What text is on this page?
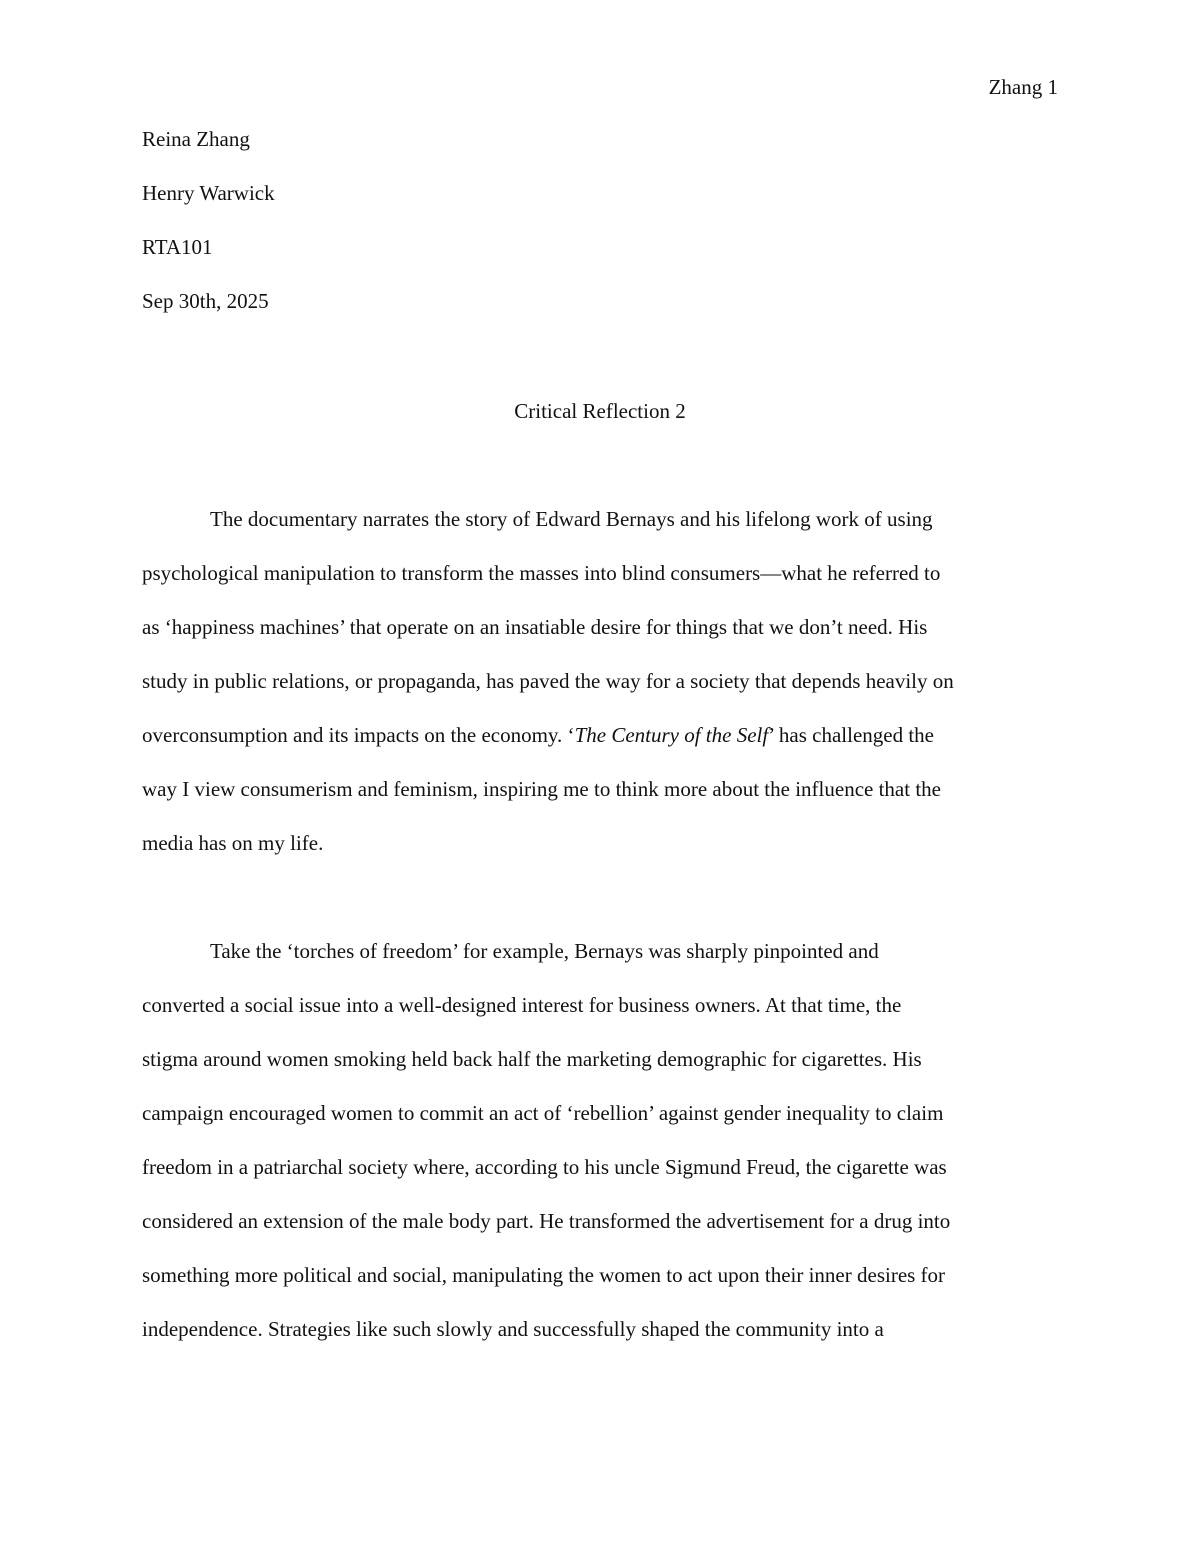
Zhang 1
Reina Zhang
Henry Warwick
RTA101
Sep 30th, 2025
Critical Reflection 2
The documentary narrates the story of Edward Bernays and his lifelong work of using
psychological manipulation to transform the masses into blind consumers—what he referred to
as ‘happiness machines’ that operate on an insatiable desire for things that we don’t need. His
study in public relations, or propaganda, has paved the way for a society that depends heavily on
overconsumption and its impacts on the economy. ‘The Century of the Self’ has challenged the
way I view consumerism and feminism, inspiring me to think more about the influence that the
media has on my life.
Take the ‘torches of freedom’ for example, Bernays was sharply pinpointed and
converted a social issue into a well-designed interest for business owners. At that time, the
stigma around women smoking held back half the marketing demographic for cigarettes. His
campaign encouraged women to commit an act of ‘rebellion’ against gender inequality to claim
freedom in a patriarchal society where, according to his uncle Sigmund Freud, the cigarette was
considered an extension of the male body part. He transformed the advertisement for a drug into
something more political and social, manipulating the women to act upon their inner desires for
independence. Strategies like such slowly and successfully shaped the community into a
